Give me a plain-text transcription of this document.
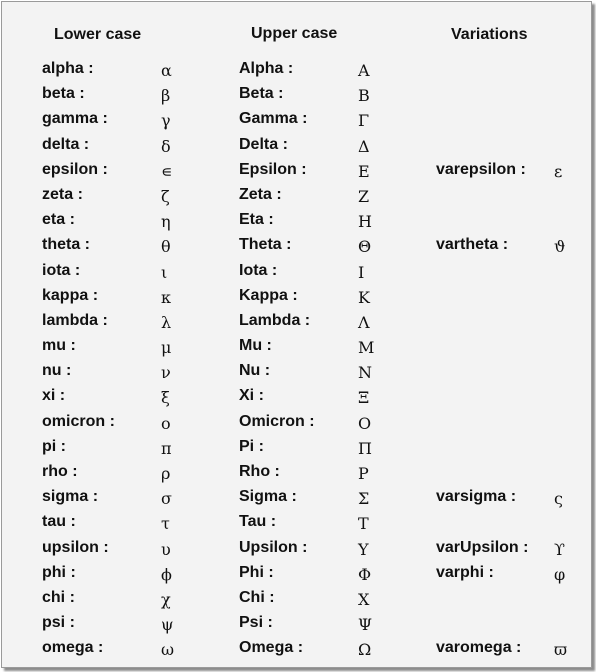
Lower case	Upper case	Variations
alpha :	α	Alpha :	Α
beta :	β	Beta :	Β
gamma :	γ	Gamma :	Γ
delta :	δ	Delta :	Δ
epsilon :	∊	Epsilon :	Ε	varepsilon : ε
zeta :	ζ	Zeta :	Ζ
eta :	η	Eta :	Η
theta :	θ	Theta :	Θ	vartheta :	ϑ
iota :	ι	Iota :	Ι
kappa :	κ	Kappa :	Κ
lambda :	λ	Lambda :	Λ
mu :	μ	Mu :	Μ
nu :	ν	Nu :	Ν
xi :	ξ	Xi :	Ξ
omicron :	ο	Omicron :	Ο
pi :	π	Pi :	Π
rho :	ρ	Rho :	Ρ
sigma :	σ	Sigma :	Σ	varsigma : ς
tau :	τ	Tau :	Τ
upsilon :	υ	Upsilon :	Υ	varUpsilon : ϒ
phi :	ϕ	Phi :	Φ	varphi :	φ
chi :	χ	Chi :	Χ
psi :	ψ	Psi :	Ψ
omega :	ω	Omega :	Ω	varomega : ϖ
